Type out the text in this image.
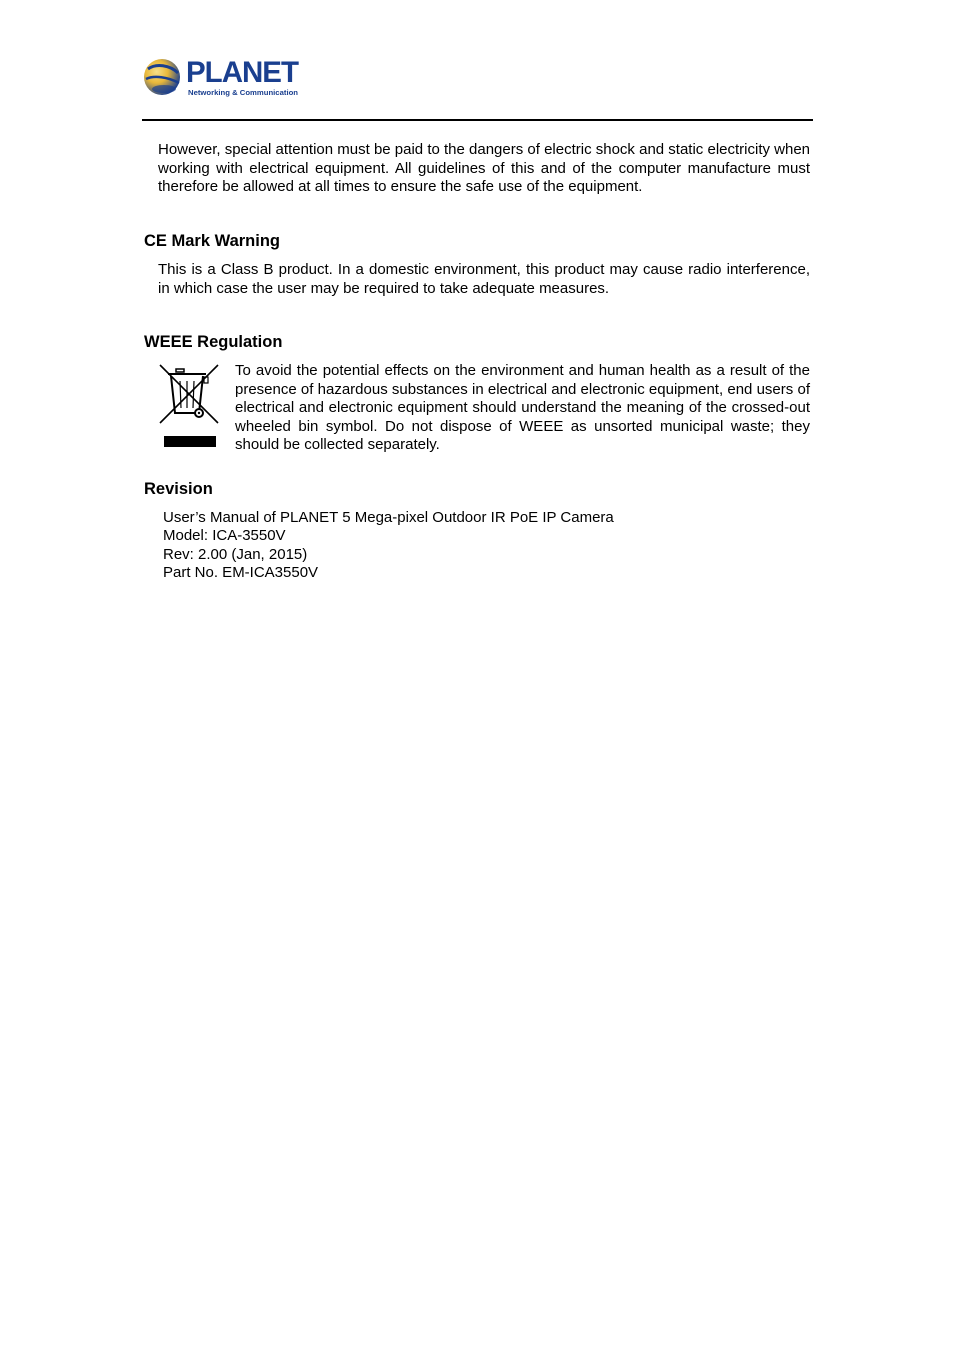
PLANET
Networking & Communication

However, special attention must be paid to the dangers of electric shock and static electricity when working with electrical equipment. All guidelines of this and of the computer manufacture must therefore be allowed at all times to ensure the safe use of the equipment.

CE Mark Warning

This is a Class B product. In a domestic environment, this product may cause radio interference, in which case the user may be required to take adequate measures.

WEEE Regulation

To avoid the potential effects on the environment and human health as a result of the presence of hazardous substances in electrical and electronic equipment, end users of electrical and electronic equipment should understand the meaning of the crossed-out wheeled bin symbol. Do not dispose of WEEE as unsorted municipal waste; they should be collected separately.

Revision
User’s Manual of PLANET 5 Mega-pixel Outdoor IR PoE IP Camera
Model: ICA-3550V
Rev: 2.00 (Jan, 2015)
Part No. EM-ICA3550V
